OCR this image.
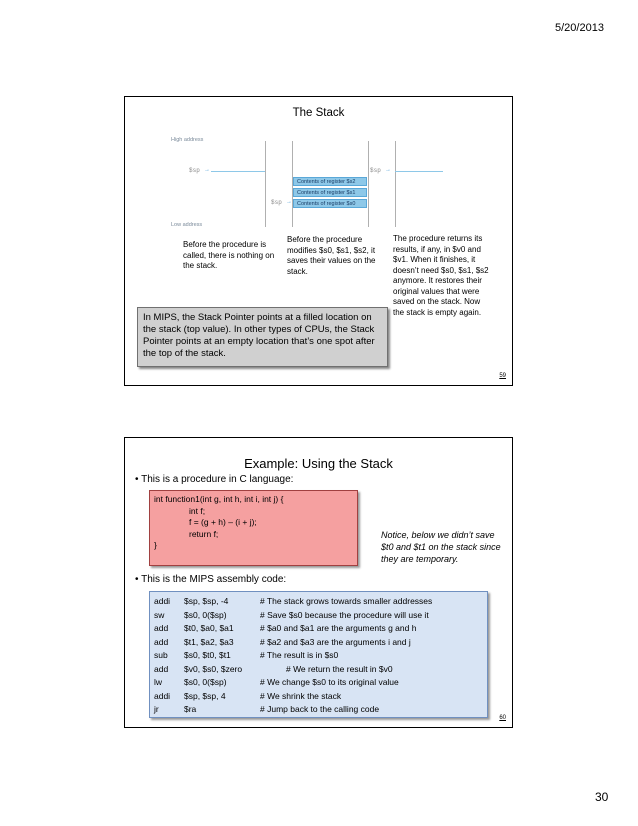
5/20/2013
The Stack
High address
Low address
$sp →
Contents of register $s2
Contents of register $s1
Contents of register $s0
$sp →
$sp →
Before the procedure is called, there is nothing on the stack.
Before the procedure modifies $s0, $s1, $s2, it saves their values on the stack.
The procedure returns its results, if any, in $v0 and $v1. When it finishes, it doesn’t need $s0, $s1, $s2 anymore. It restores their original values that were saved on the stack. Now the stack is empty again.
In MIPS, the Stack Pointer points at a filled location on the stack (top value). In other types of CPUs, the Stack Pointer points at an empty location that’s one spot after the top of the stack.
59
Example: Using the Stack
• This is a procedure in C language:
int function1(int g, int h, int i, int j) {
int f;
f = (g + h) – (i + j);
return f;
}
Notice, below we didn’t save $t0 and $t1 on the stack since they are temporary.
• This is the MIPS assembly code:
addi	$sp, $sp, -4	# The stack grows towards smaller addresses
sw	$s0, 0($sp)	# Save $s0 because the procedure will use it
add	$t0, $a0, $a1	# $a0 and $a1 are the arguments g and h
add	$t1, $a2, $a3	# $a2 and $a3 are the arguments i and j
sub	$s0, $t0, $t1	# The result is in $s0
add	$v0, $s0, $zero	# We return the result in $v0
lw	$s0, 0($sp)	# We change $s0 to its original value
addi	$sp, $sp, 4	# We shrink the stack
jr	$ra	# Jump back to the calling code
60
30
